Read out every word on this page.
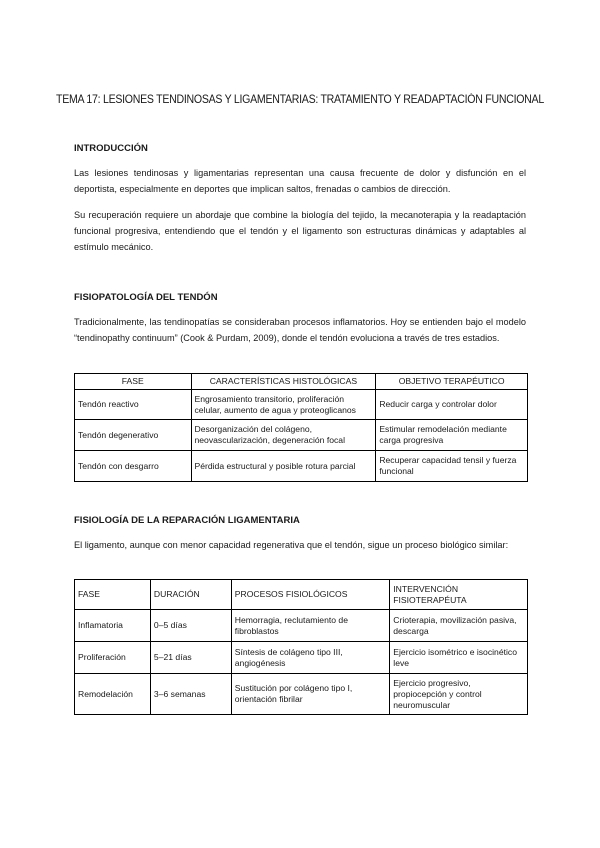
TEMA 17: LESIONES TENDINOSAS Y LIGAMENTARIAS: TRATAMIENTO Y READAPTACIÓN FUNCIONAL
INTRODUCCIÓN
Las lesiones tendinosas y ligamentarias representan una causa frecuente de dolor y disfunción en el deportista, especialmente en deportes que implican saltos, frenadas o cambios de dirección.
Su recuperación requiere un abordaje que combine la biología del tejido, la mecanoterapia y la readaptación funcional progresiva, entendiendo que el tendón y el ligamento son estructuras dinámicas y adaptables al estímulo mecánico.
FISIOPATOLOGÍA DEL TENDÓN
Tradicionalmente, las tendinopatías se consideraban procesos inflamatorios. Hoy se entienden bajo el modelo “tendinopathy continuum” (Cook & Purdam, 2009), donde el tendón evoluciona a través de tres estadios.
FASE	CARACTERÍSTICAS HISTOLÓGICAS	OBJETIVO TERAPÉUTICO
Tendón reactivo	Engrosamiento transitorio, proliferación celular, aumento de agua y proteoglicanos	Reducir carga y controlar dolor
Tendón degenerativo	Desorganización del colágeno, neovascularización, degeneración focal	Estimular remodelación mediante carga progresiva
Tendón con desgarro	Pérdida estructural y posible rotura parcial	Recuperar capacidad tensil y fuerza funcional
FISIOLOGÍA DE LA REPARACIÓN LIGAMENTARIA
El ligamento, aunque con menor capacidad regenerativa que el tendón, sigue un proceso biológico similar:
FASE	DURACIÓN	PROCESOS FISIOLÓGICOS	INTERVENCIÓN FISIOTERAPÉUTA
Inflamatoria	0–5 días	Hemorragia, reclutamiento de fibroblastos	Crioterapia, movilización pasiva, descarga
Proliferación	5–21 días	Síntesis de colágeno tipo III, angiogénesis	Ejercicio isométrico e isocinético leve
Remodelación	3–6 semanas	Sustitución por colágeno tipo I, orientación fibrilar	Ejercicio progresivo, propiocepción y control neuromuscular
